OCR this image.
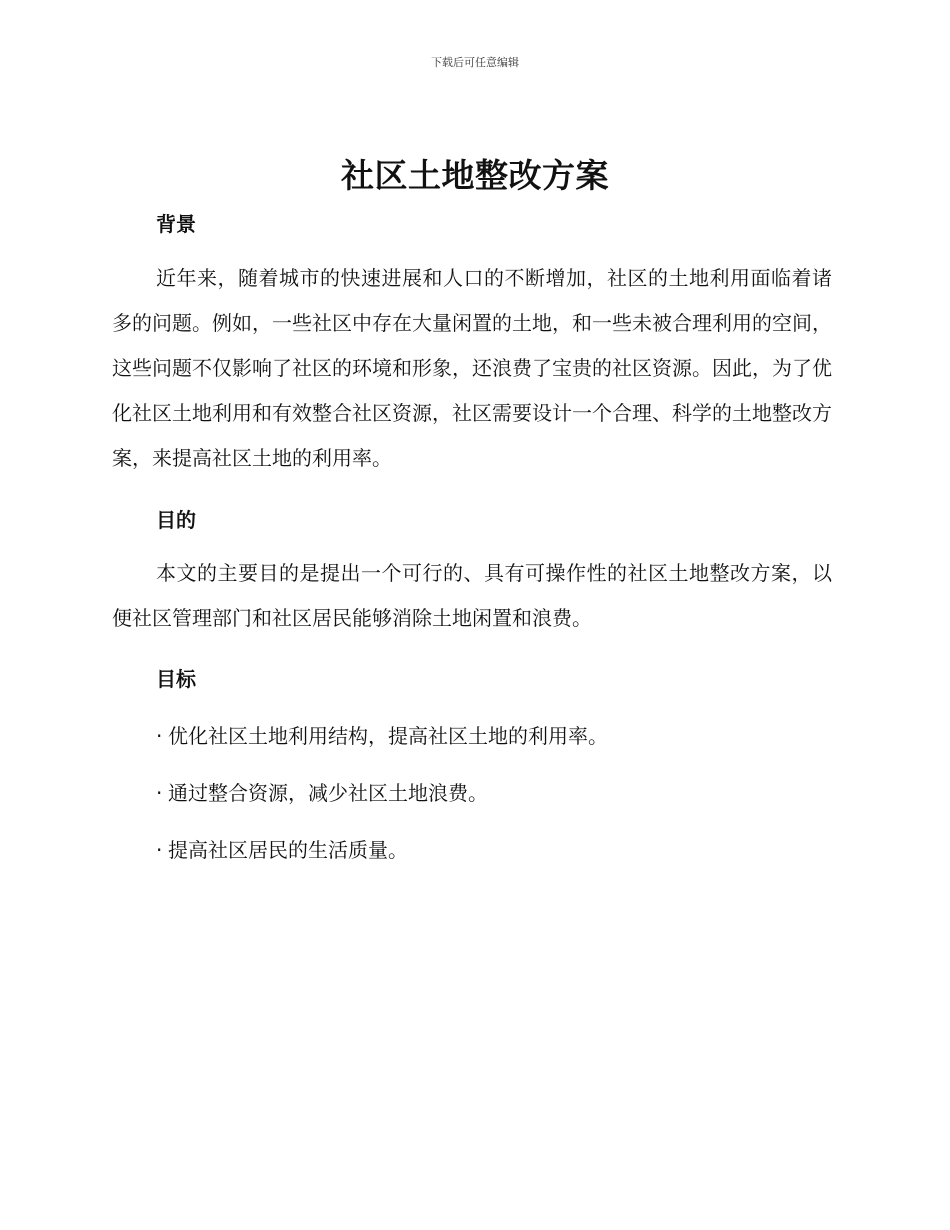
下载后可任意编辑
社区土地整改方案
背景

近年来，随着城市的快速进展和人口的不断增加，社区的土地利用面临着诸多的问题。例如，一些社区中存在大量闲置的土地，和一些未被合理利用的空间，这些问题不仅影响了社区的环境和形象，还浪费了宝贵的社区资源。因此，为了优化社区土地利用和有效整合社区资源，社区需要设计一个合理、科学的土地整改方案，来提高社区土地的利用率。

目的

本文的主要目的是提出一个可行的、具有可操作性的社区土地整改方案，以便社区管理部门和社区居民能够消除土地闲置和浪费。

目标

· 优化社区土地利用结构，提高社区土地的利用率。

· 通过整合资源，减少社区土地浪费。

· 提高社区居民的生活质量。
